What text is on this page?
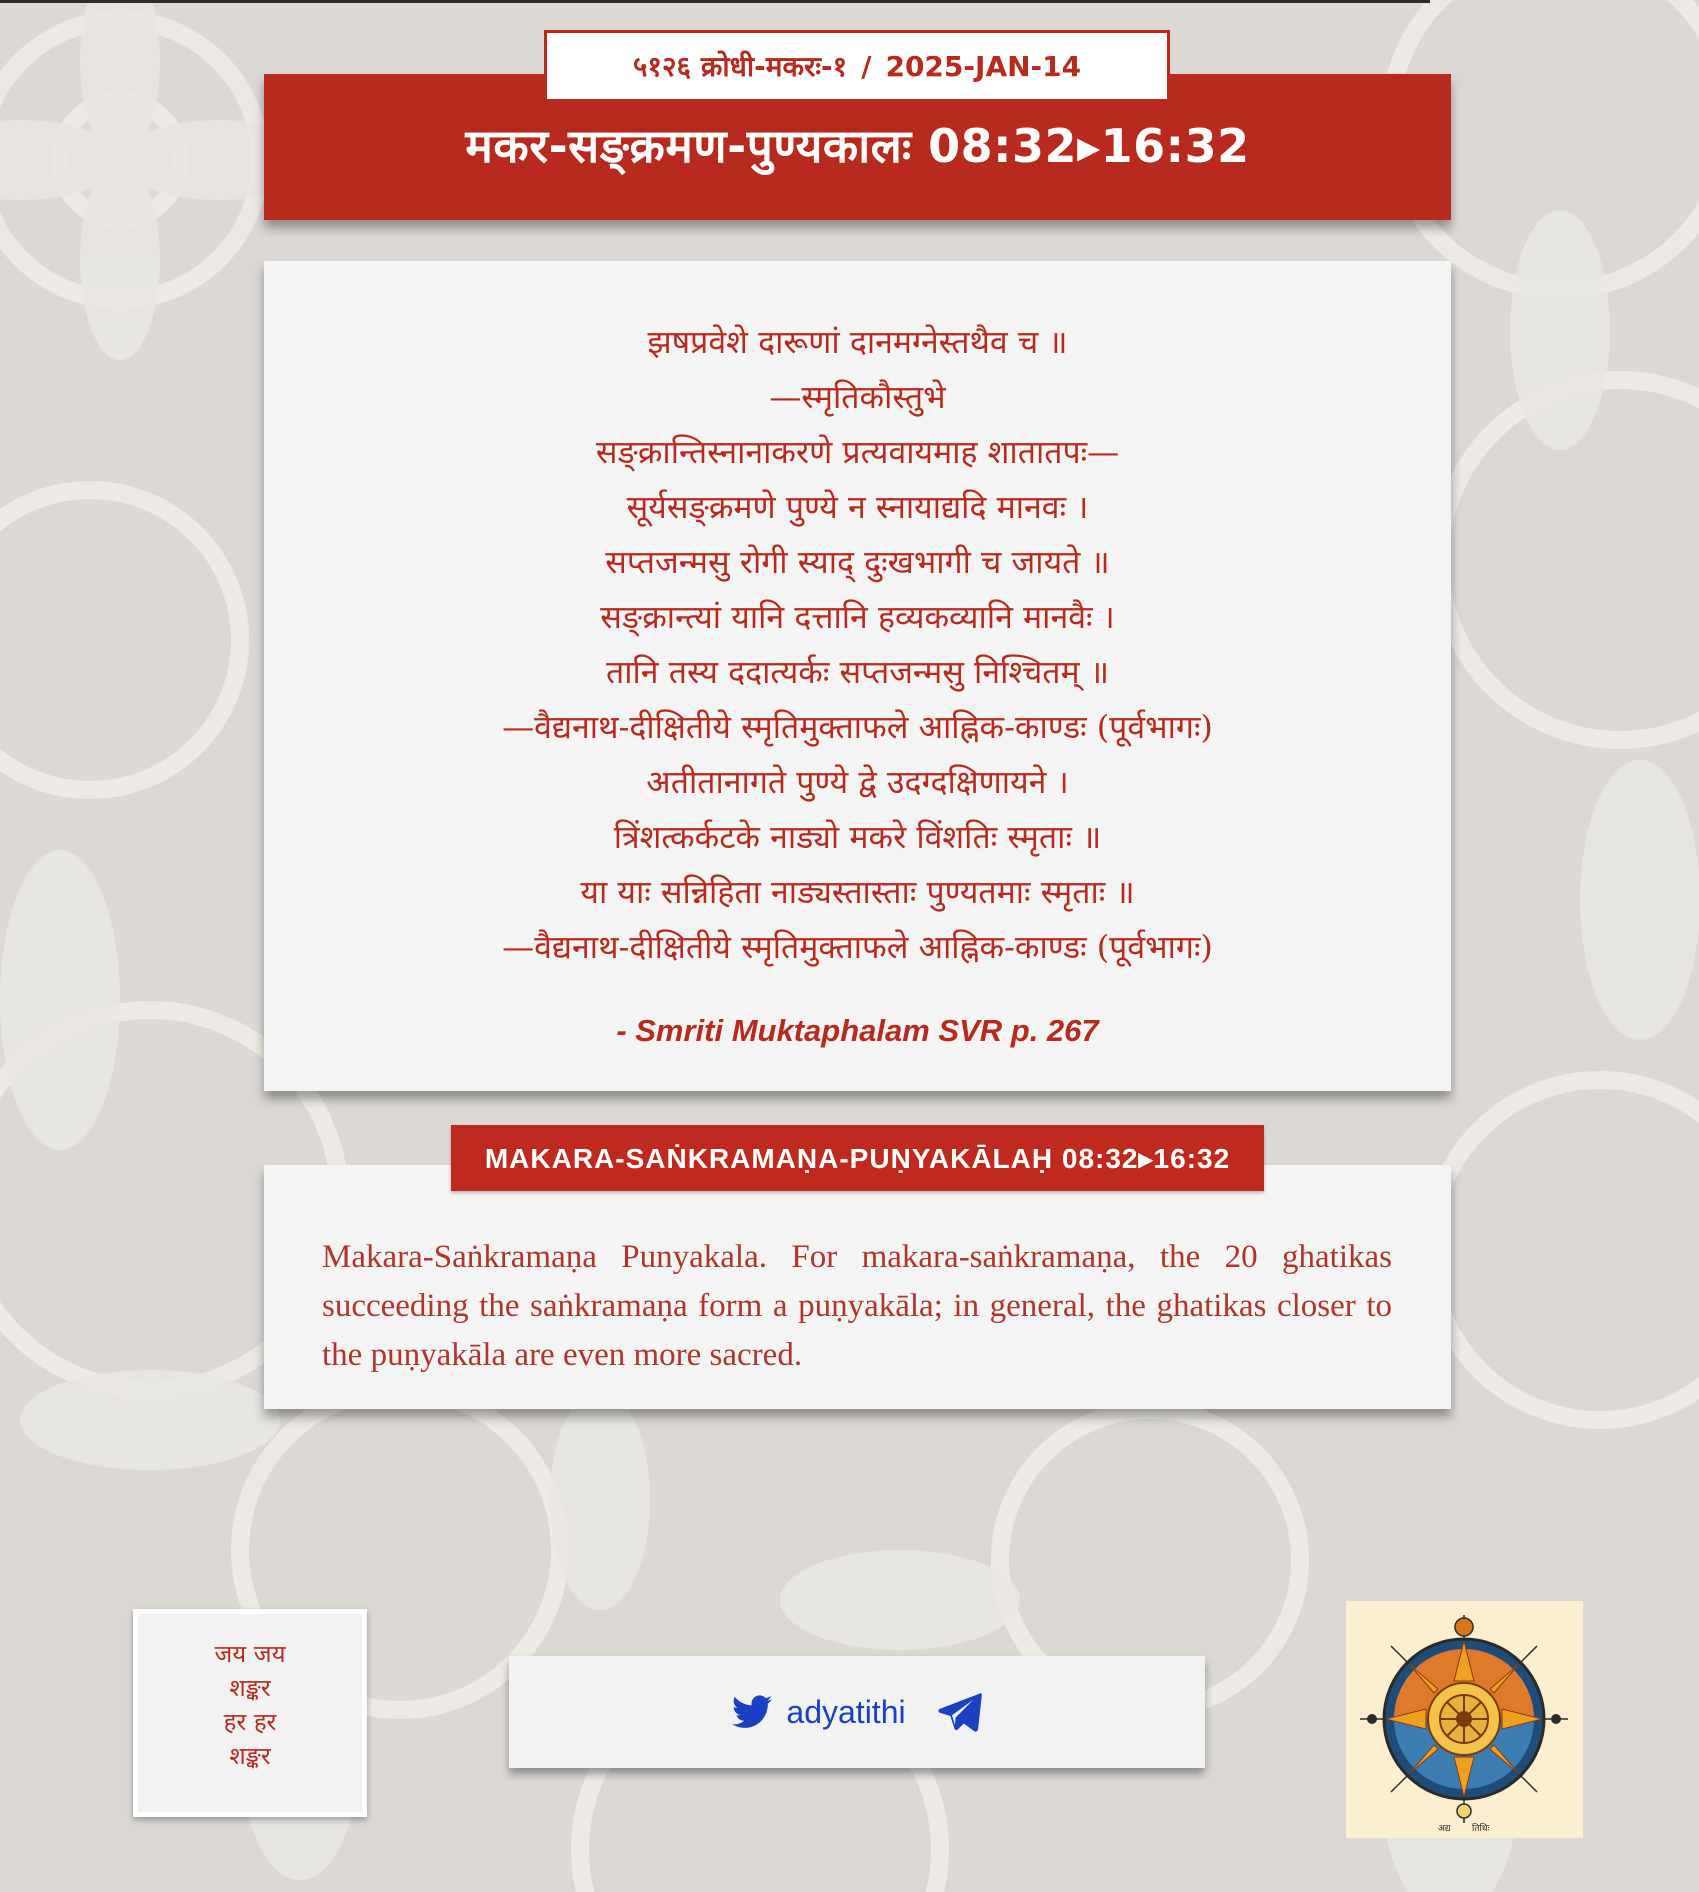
५१२६ क्रोधी-मकरः-१ / 2025-JAN-14
मकर-सङ्क्रमण-पुण्यकालः 08:32▸16:32
झषप्रवेशे दारूणां दानमग्नेस्तथैव च ॥
—स्मृतिकौस्तुभे
सङ्क्रान्तिस्नानाकरणे प्रत्यवायमाह शातातपः—
सूर्यसङ्क्रमणे पुण्ये न स्नायाद्यदि मानवः ।
सप्तजन्मसु रोगी स्याद् दुःखभागी च जायते ॥
सङ्क्रान्त्यां यानि दत्तानि हव्यकव्यानि मानवैः ।
तानि तस्य ददात्यर्कः सप्तजन्मसु निश्चितम् ॥
—वैद्यनाथ-दीक्षितीये स्मृतिमुक्ताफले आह्निक-काण्डः (पूर्वभागः)
अतीतानागते पुण्ये द्वे उदग्दक्षिणायने ।
त्रिंशत्कर्कटके नाड्यो मकरे विंशतिः स्मृताः ॥
या याः सन्निहिता नाड्यस्तास्ताः पुण्यतमाः स्मृताः ॥
—वैद्यनाथ-दीक्षितीये स्मृतिमुक्ताफले आह्निक-काण्डः (पूर्वभागः)
- Smriti Muktaphalam SVR p. 267
MAKARA-SAṄKRAMAṆA-PUṆYAKĀLAḤ 08:32▸16:32
Makara-Saṅkramaṇa Punyakala. For makara-saṅkramaṇa, the 20 ghatikas succeeding the saṅkramaṇa form a puṇyakāla; in general, the ghatikas closer to the puṇyakāla are even more sacred.
जय जय
शङ्कर
हर हर
शङ्कर
adyatithi
अद्य तिथिः
